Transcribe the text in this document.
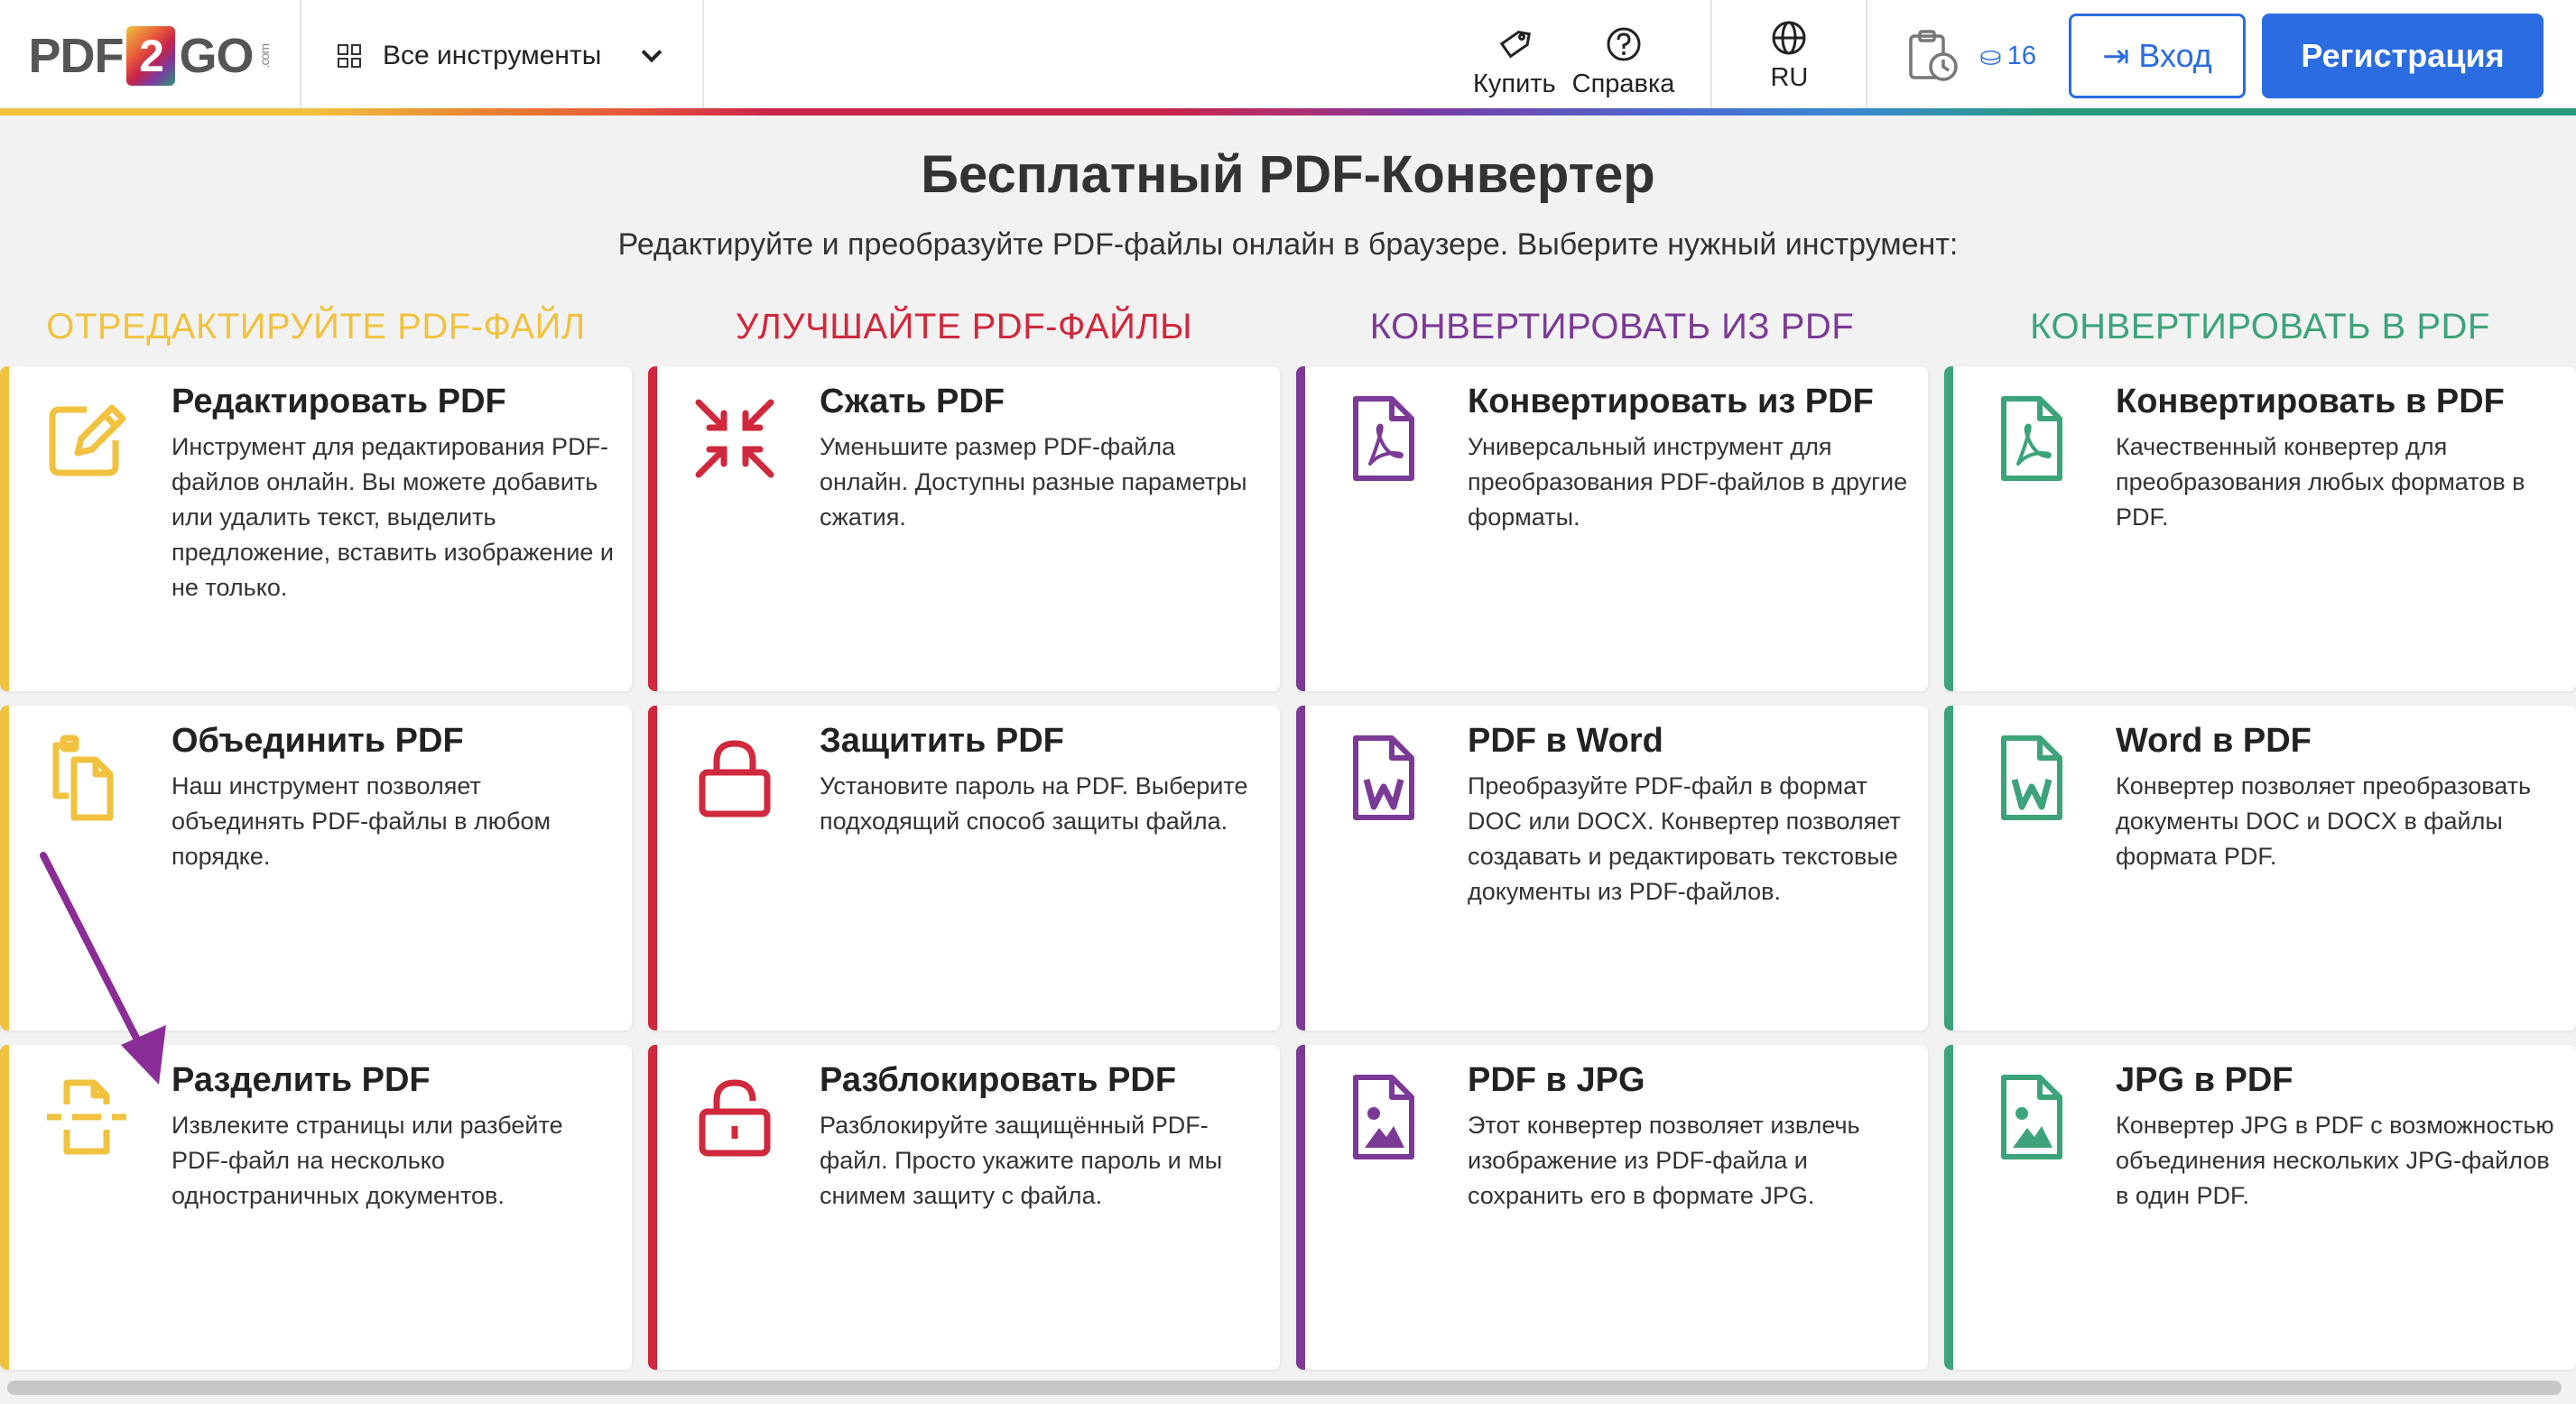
PDF 2 GO .com	Все инструменты
Купить Справка	RU
⛀ 16 ⇥ Вход	Регистрация
Бесплатный PDF-Конвертер

Редактируйте и преобразуйте PDF-файлы онлайн в браузере. Выберите нужный инструмент:

ОТРЕДАКТИРУЙТЕ PDF-ФАЙЛ	УЛУЧШАЙТЕ PDF-ФАЙЛЫ	КОНВЕРТИРОВАТЬ ИЗ PDF	КОНВЕРТИРОВАТЬ В PDF
Редактировать PDF
Инструмент для редактирования PDF-файлов онлайн. Вы можете добавить или удалить текст, выделить предложение, вставить изображение и не только.
Объединить PDF
Наш инструмент позволяет объединять PDF-файлы в любом порядке.
Разделить PDF
Извлеките страницы или разбейте PDF-файл на несколько одностраничных документов.
Сжать PDF
Уменьшите размер PDF-файла онлайн. Доступны разные параметры сжатия.
Защитить PDF
Установите пароль на PDF. Выберите подходящий способ защиты файла.
Разблокировать PDF
Разблокируйте защищённый PDF-файл. Просто укажите пароль и мы снимем защиту с файла.
Конвертировать из PDF
Универсальный инструмент для преобразования PDF-файлов в другие форматы.
PDF в Word
Преобразуйте PDF-файл в формат DOC или DOCX. Конвертер позволяет создавать и редактировать текстовые документы из PDF-файлов.
PDF в JPG
Этот конвертер позволяет извлечь изображение из PDF-файла и сохранить его в формате JPG.
Конвертировать в PDF
Качественный конвертер для преобразования любых форматов в PDF.
Word в PDF
Конвертер позволяет преобразовать документы DOC и DOCX в файлы формата PDF.
JPG в PDF
Конвертер JPG в PDF с возможностью объединения нескольких JPG-файлов в один PDF.
